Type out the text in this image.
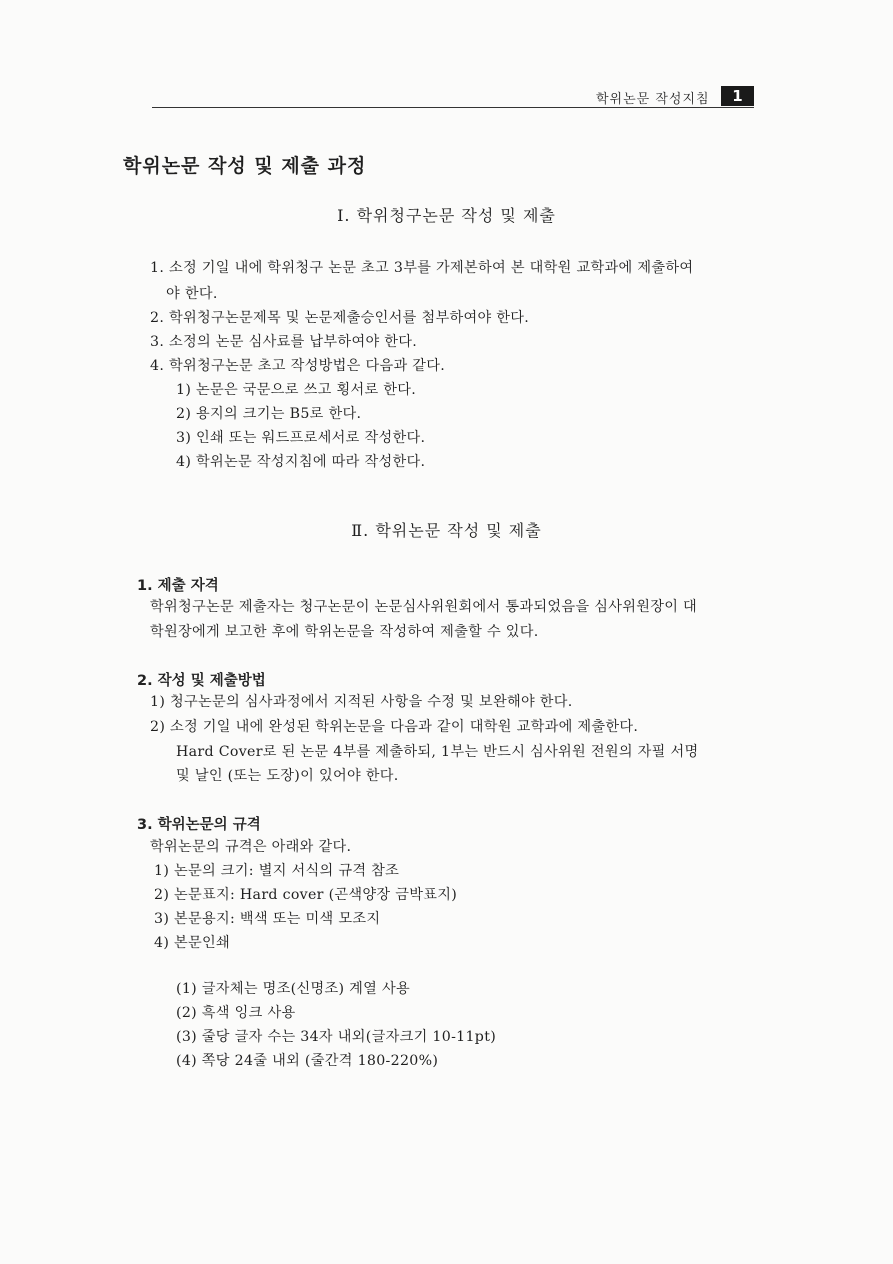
학위논문 작성지침	1
학위논문 작성 및 제출 과정
Ⅰ. 학위청구논문 작성 및 제출
1. 소정 기일 내에 학위청구 논문 초고 3부를 가제본하여 본 대학원 교학과에 제출하여
야 한다.
2. 학위청구논문제목 및 논문제출승인서를 첨부하여야 한다.
3. 소정의 논문 심사료를 납부하여야 한다.
4. 학위청구논문 초고 작성방법은 다음과 같다.
1) 논문은 국문으로 쓰고 횡서로 한다.
2) 용지의 크기는 B5로 한다.
3) 인쇄 또는 워드프로세서로 작성한다.
4) 학위논문 작성지침에 따라 작성한다.
Ⅱ. 학위논문 작성 및 제출
1. 제출 자격
학위청구논문 제출자는 청구논문이 논문심사위원회에서 통과되었음을 심사위원장이 대
학원장에게 보고한 후에 학위논문을 작성하여 제출할 수 있다.
2. 작성 및 제출방법
1) 청구논문의 심사과정에서 지적된 사항을 수정 및 보완해야 한다.
2) 소정 기일 내에 완성된 학위논문을 다음과 같이 대학원 교학과에 제출한다.
Hard Cover로 된 논문 4부를 제출하되, 1부는 반드시 심사위원 전원의 자필 서명
및 날인 (또는 도장)이 있어야 한다.
3. 학위논문의 규격
학위논문의 규격은 아래와 같다.
1) 논문의 크기: 별지 서식의 규격 참조
2) 논문표지: Hard cover (곤색양장 금박표지)
3) 본문용지: 백색 또는 미색 모조지
4) 본문인쇄
(1) 글자체는 명조(신명조) 계열 사용
(2) 흑색 잉크 사용
(3) 줄당 글자 수는 34자 내외(글자크기 10-11pt)
(4) 쪽당 24줄 내외 (줄간격 180-220%)
